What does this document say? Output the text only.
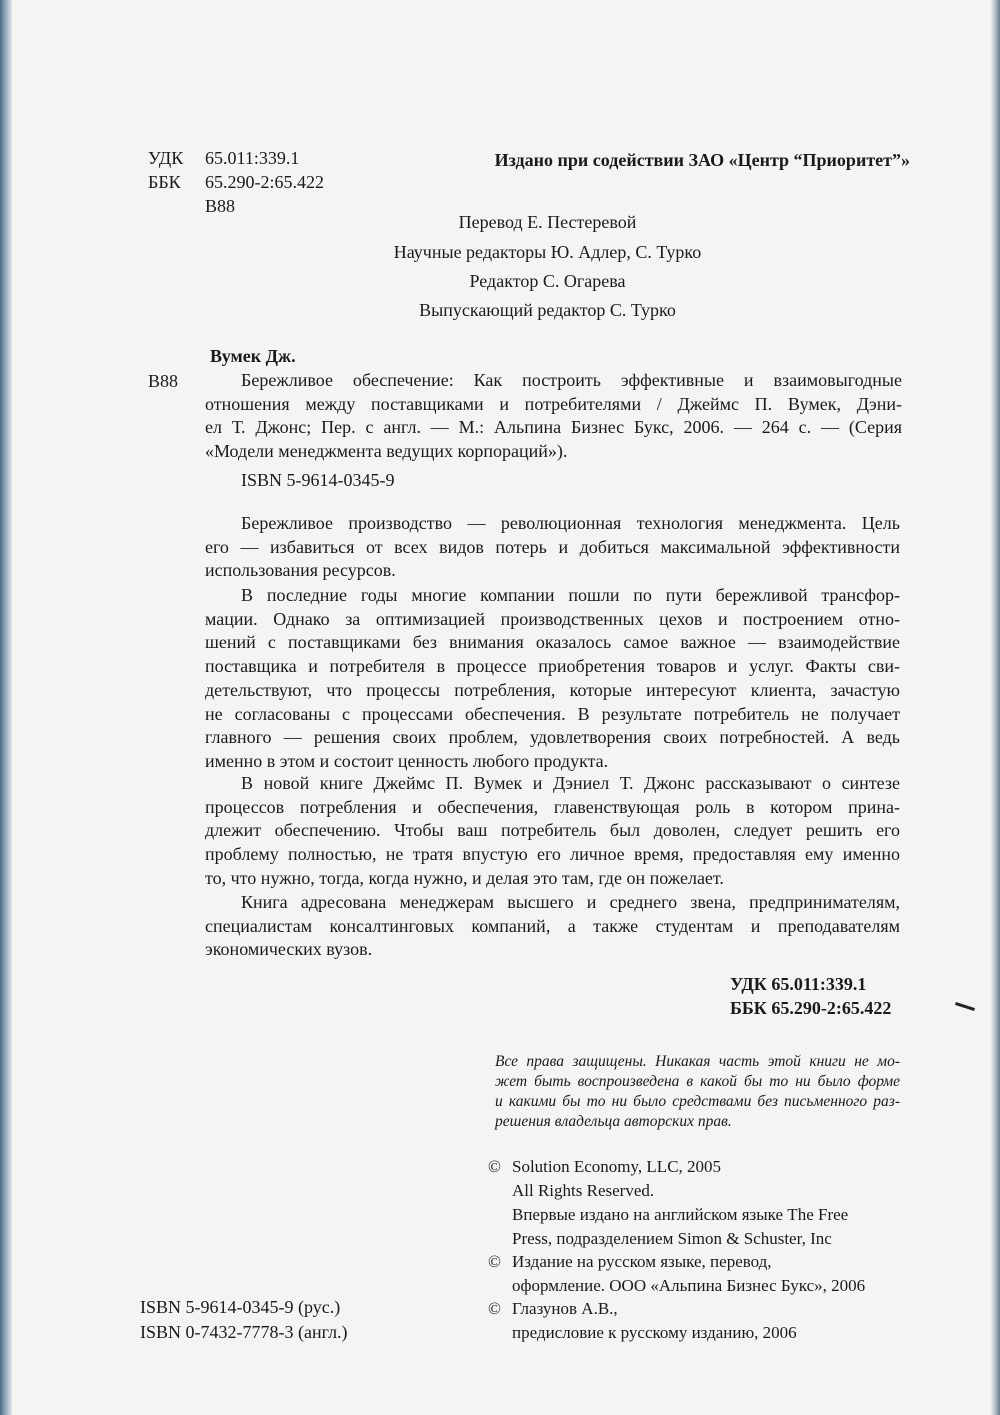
УДК 65.011:339.1
ББК 65.290-2:65.422
В88
Издано при содействии ЗАО «Центр “Приоритет”»
Перевод Е. Пестеревой
Научные редакторы Ю. Адлер, С. Турко
Редактор С. Огарева
Выпускающий редактор С. Турко
Вумек Дж.
В88	Бережливое обеспечение: Как построить эффективные и взаимовыгодные
отношения между поставщиками и потребителями / Джеймс П. Вумек, Дэни-
ел Т. Джонс; Пер. с англ. — М.: Альпина Бизнес Букс, 2006. — 264 с. — (Серия
«Модели менеджмента ведущих корпораций»).
ISBN 5-9614-0345-9
Бережливое производство — революционная технология менеджмента. Цель
его — избавиться от всех видов потерь и добиться максимальной эффективности
использования ресурсов.
В последние годы многие компании пошли по пути бережливой трансфор-
мации. Однако за оптимизацией производственных цехов и построением отно-
шений с поставщиками без внимания оказалось самое важное — взаимодействие
поставщика и потребителя в процессе приобретения товаров и услуг. Факты сви-
детельствуют, что процессы потребления, которые интересуют клиента, зачастую
не согласованы с процессами обеспечения. В результате потребитель не получает
главного — решения своих проблем, удовлетворения своих потребностей. А ведь
именно в этом и состоит ценность любого продукта.
В новой книге Джеймс П. Вумек и Дэниел Т. Джонс рассказывают о синтезе
процессов потребления и обеспечения, главенствующая роль в котором прина-
длежит обеспечению. Чтобы ваш потребитель был доволен, следует решить его
проблему полностью, не тратя впустую его личное время, предоставляя ему именно
то, что нужно, тогда, когда нужно, и делая это там, где он пожелает.
Книга адресована менеджерам высшего и среднего звена, предпринимателям,
специалистам консалтинговых компаний, а также студентам и преподавателям
экономических вузов.
УДК 65.011:339.1
ББК 65.290-2:65.422
Все права защищены. Никакая часть этой книги не мо-
жет быть воспроизведена в какой бы то ни было форме
и какими бы то ни было средствами без письменного раз-
решения владельца авторских прав.
© Solution Economy, LLC, 2005
All Rights Reserved.
Впервые издано на английском языке The Free
Press, подразделением Simon & Schuster, Inc
© Издание на русском языке, перевод,
оформление. ООО «Альпина Бизнес Букс», 2006
© Глазунов А.В.,
предисловие к русскому изданию, 2006
ISBN 5-9614-0345-9 (рус.)
ISBN 0-7432-7778-3 (англ.)
